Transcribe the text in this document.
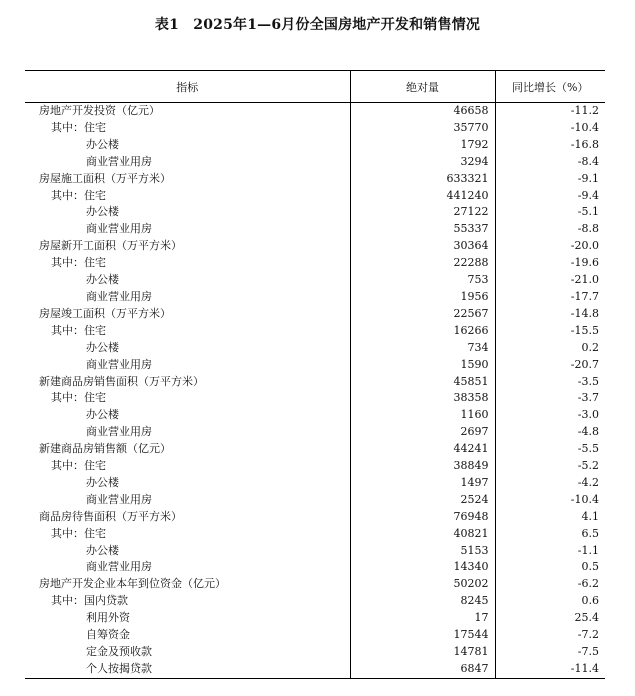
表1　2025年1—6月份全国房地产开发和销售情况
指标	绝对量	同比增长（%）
房地产开发投资（亿元）	46658	-11.2
其中：住宅	35770	-10.4
办公楼	1792	-16.8
商业营业用房	3294	-8.4
房屋施工面积（万平方米）	633321	-9.1
其中：住宅	441240	-9.4
办公楼	27122	-5.1
商业营业用房	55337	-8.8
房屋新开工面积（万平方米）	30364	-20.0
其中：住宅	22288	-19.6
办公楼	753	-21.0
商业营业用房	1956	-17.7
房屋竣工面积（万平方米）	22567	-14.8
其中：住宅	16266	-15.5
办公楼	734	0.2
商业营业用房	1590	-20.7
新建商品房销售面积（万平方米）	45851	-3.5
其中：住宅	38358	-3.7
办公楼	1160	-3.0
商业营业用房	2697	-4.8
新建商品房销售额（亿元）	44241	-5.5
其中：住宅	38849	-5.2
办公楼	1497	-4.2
商业营业用房	2524	-10.4
商品房待售面积（万平方米）	76948	4.1
其中：住宅	40821	6.5
办公楼	5153	-1.1
商业营业用房	14340	0.5
房地产开发企业本年到位资金（亿元）	50202	-6.2
其中：国内贷款	8245	0.6
利用外资	17	25.4
自筹资金	17544	-7.2
定金及预收款	14781	-7.5
个人按揭贷款	6847	-11.4
